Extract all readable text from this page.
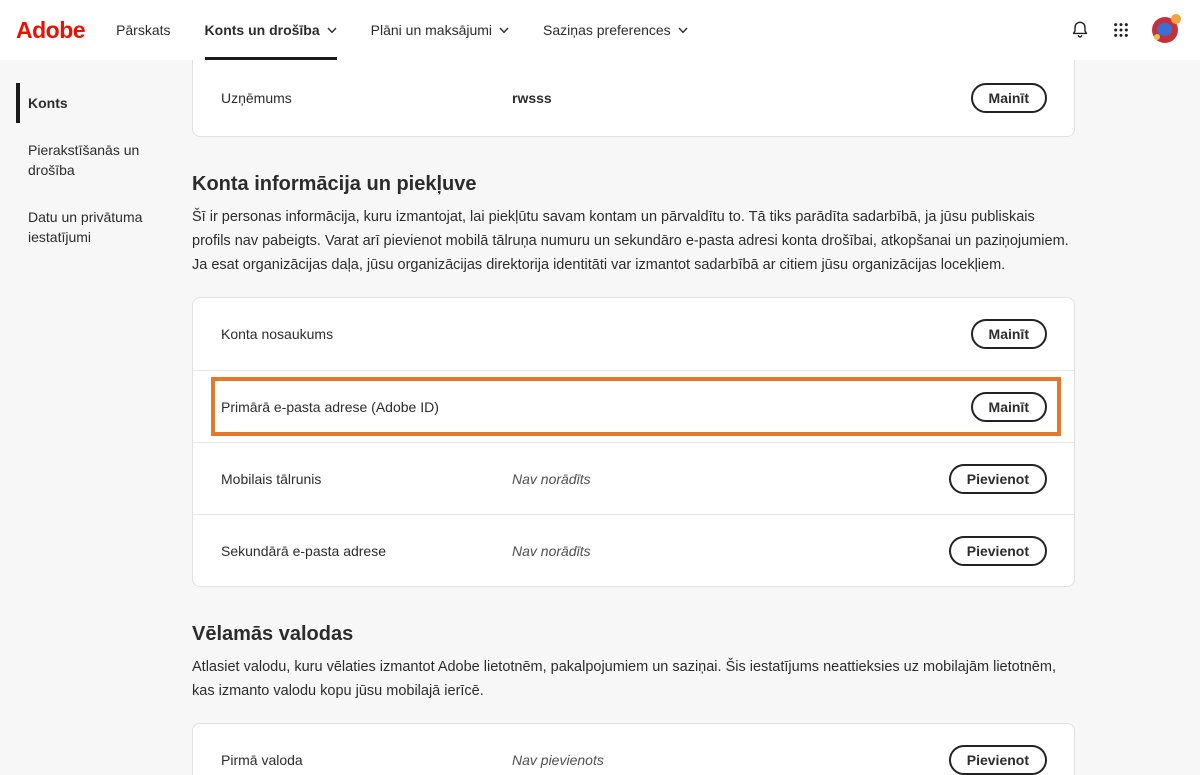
Adobe	Pārskats Konts un drošība	Plāni un maksājumi	Saziņas preferences
Konts
Pierakstīšanās un drošība
Datu un privātuma iestatījumi
Uzņēmums	rwsss	Mainīt
Konta informācija un piekļuve

Šī ir personas informācija, kuru izmantojat, lai piekļūtu savam kontam un pārvaldītu to. Tā tiks parādīta sadarbībā, ja jūsu publiskais profils nav pabeigts. Varat arī pievienot mobilā tālruņa numuru un sekundāro e-pasta adresi konta drošībai, atkopšanai un paziņojumiem. Ja esat organizācijas daļa, jūsu organizācijas direktorija identitāti var izmantot sadarbībā ar citiem jūsu organizācijas locekļiem.

Konta nosaukums	Mainīt
Primārā e-pasta adrese (Adobe ID)	Mainīt
Mobilais tālrunis	Nav norādīts	Pievienot
Sekundārā e-pasta adrese	Nav norādīts	Pievienot
Vēlamās valodas

Atlasiet valodu, kuru vēlaties izmantot Adobe lietotnēm, pakalpojumiem un saziņai. Šis iestatījums neattieksies uz mobilajām lietotnēm, kas izmanto valodu kopu jūsu mobilajā ierīcē.

Pirmā valoda	Nav pievienots	Pievienot
